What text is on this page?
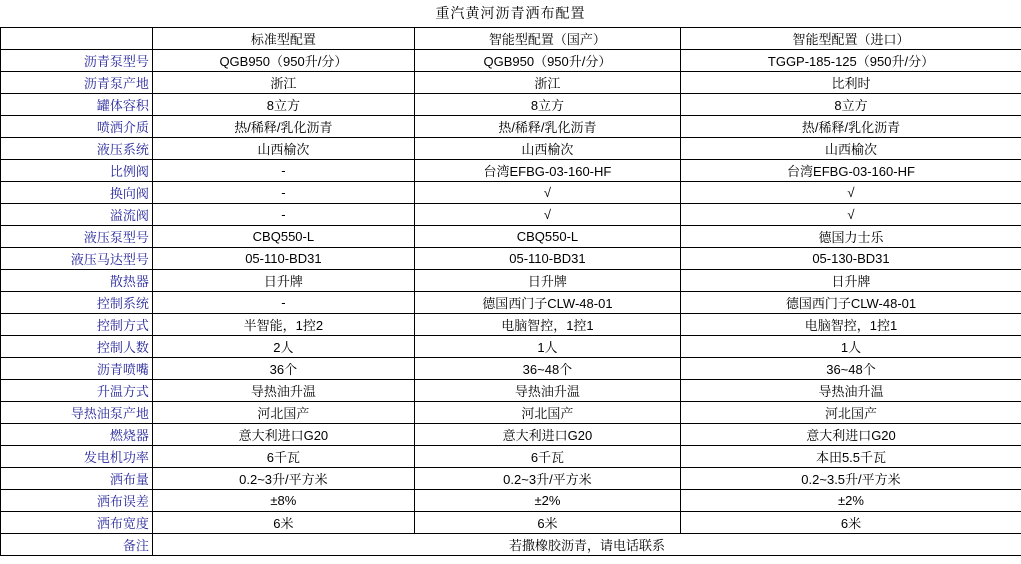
重汽黄河沥青洒布配置
	标准型配置	智能型配置（国产）	智能型配置（进口）
沥青泵型号	QGB950（950升/分）	QGB950（950升/分）	TGGP-185-125（950升/分）
沥青泵产地	浙江	浙江	比利时
罐体容积	8立方	8立方	8立方
喷洒介质	热/稀释/乳化沥青	热/稀释/乳化沥青	热/稀释/乳化沥青
液压系统	山西榆次	山西榆次	山西榆次
比例阀	-	台湾EFBG-03-160-HF	台湾EFBG-03-160-HF
换向阀	-	√	√
溢流阀	-	√	√
液压泵型号	CBQ550-L	CBQ550-L	德国力士乐
液压马达型号	05-110-BD31	05-110-BD31	05-130-BD31
散热器	日升牌	日升牌	日升牌
控制系统	-	德国西门子CLW-48-01	德国西门子CLW-48-01
控制方式	半智能，1控2	电脑智控，1控1	电脑智控，1控1
控制人数	2人	1人	1人
沥青喷嘴	36个	36~48个	36~48个
升温方式	导热油升温	导热油升温	导热油升温
导热油泵产地	河北国产	河北国产	河北国产
燃烧器	意大利进口G20	意大利进口G20	意大利进口G20
发电机功率	6千瓦	6千瓦	本田5.5千瓦
洒布量	0.2~3升/平方米	0.2~3升/平方米	0.2~3.5升/平方米
洒布误差	±8%	±2%	±2%
洒布宽度	6米	6米	6米
备注	若撒橡胶沥青，请电话联系		
